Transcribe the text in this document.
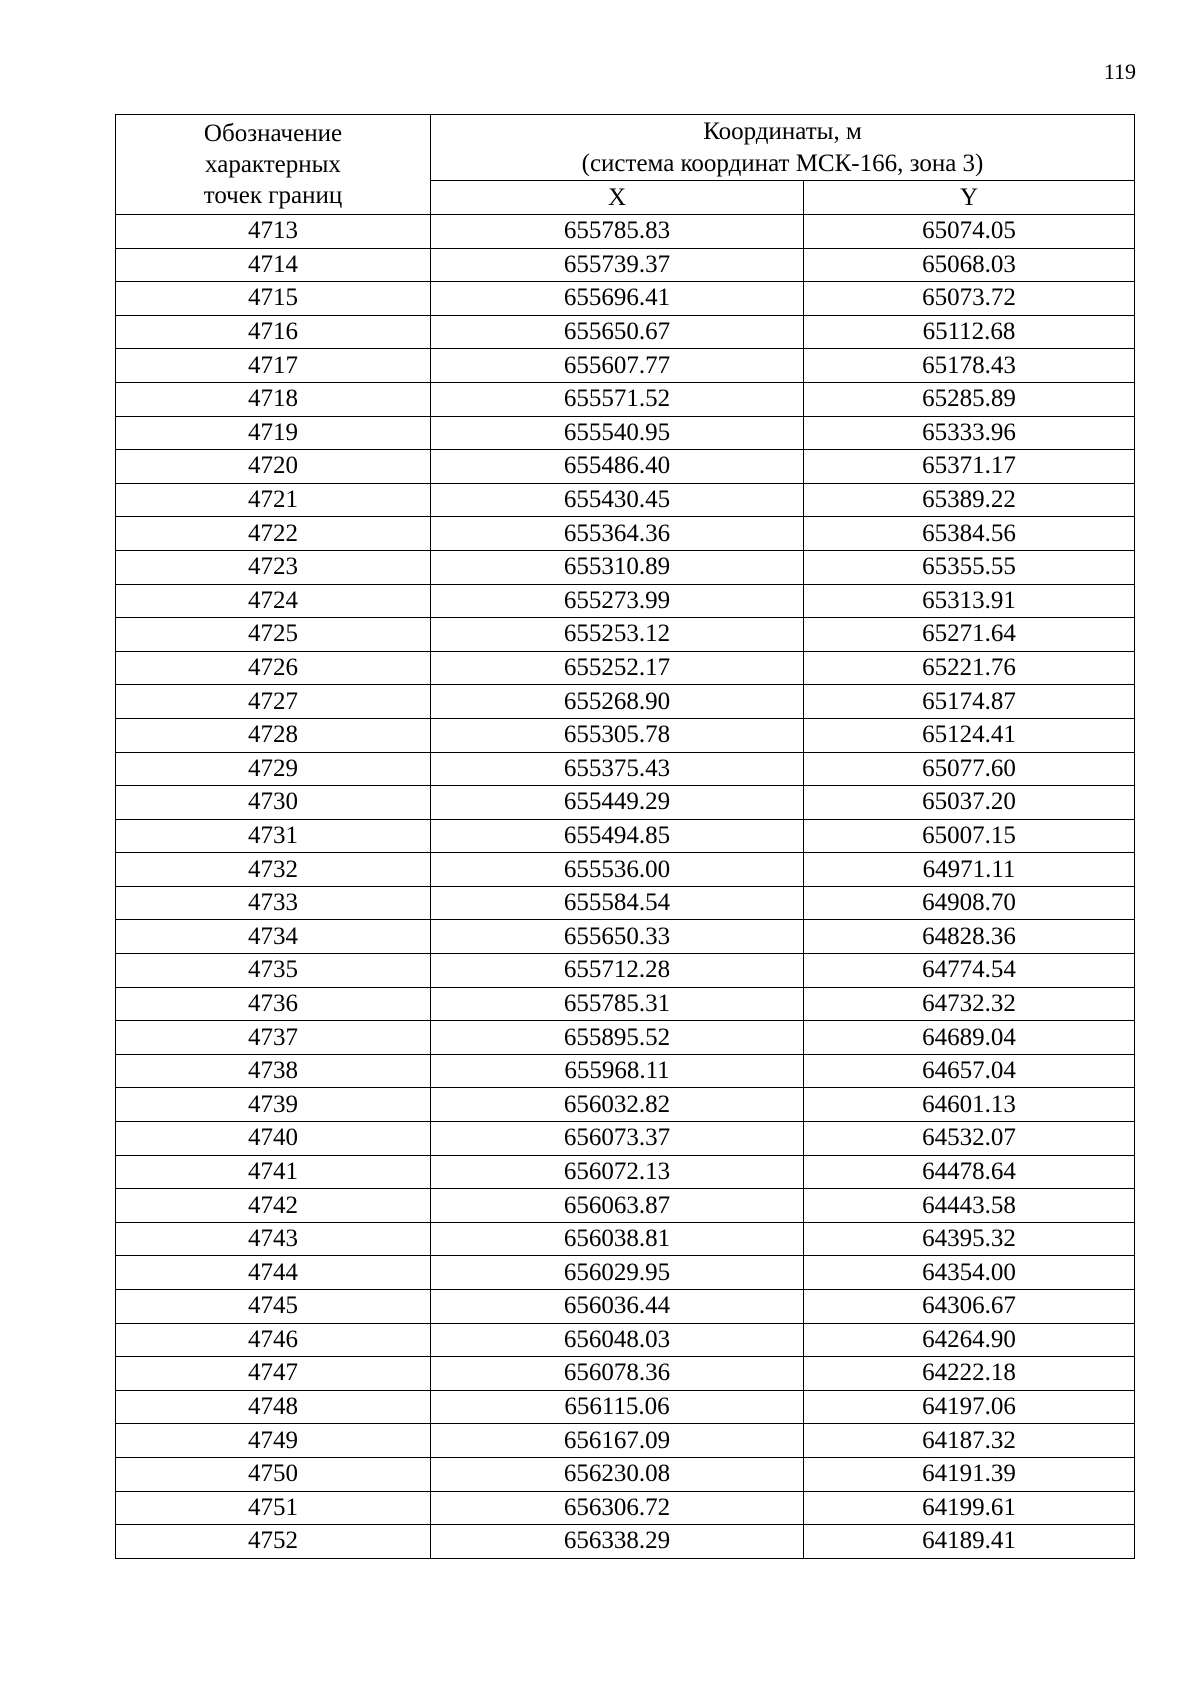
119
Обозначение
характерных
точек границ	Координаты, м
(система координат МСК-166, зона 3)	
	X	Y
4713	655785.83	65074.05
4714	655739.37	65068.03
4715	655696.41	65073.72
4716	655650.67	65112.68
4717	655607.77	65178.43
4718	655571.52	65285.89
4719	655540.95	65333.96
4720	655486.40	65371.17
4721	655430.45	65389.22
4722	655364.36	65384.56
4723	655310.89	65355.55
4724	655273.99	65313.91
4725	655253.12	65271.64
4726	655252.17	65221.76
4727	655268.90	65174.87
4728	655305.78	65124.41
4729	655375.43	65077.60
4730	655449.29	65037.20
4731	655494.85	65007.15
4732	655536.00	64971.11
4733	655584.54	64908.70
4734	655650.33	64828.36
4735	655712.28	64774.54
4736	655785.31	64732.32
4737	655895.52	64689.04
4738	655968.11	64657.04
4739	656032.82	64601.13
4740	656073.37	64532.07
4741	656072.13	64478.64
4742	656063.87	64443.58
4743	656038.81	64395.32
4744	656029.95	64354.00
4745	656036.44	64306.67
4746	656048.03	64264.90
4747	656078.36	64222.18
4748	656115.06	64197.06
4749	656167.09	64187.32
4750	656230.08	64191.39
4751	656306.72	64199.61
4752	656338.29	64189.41
